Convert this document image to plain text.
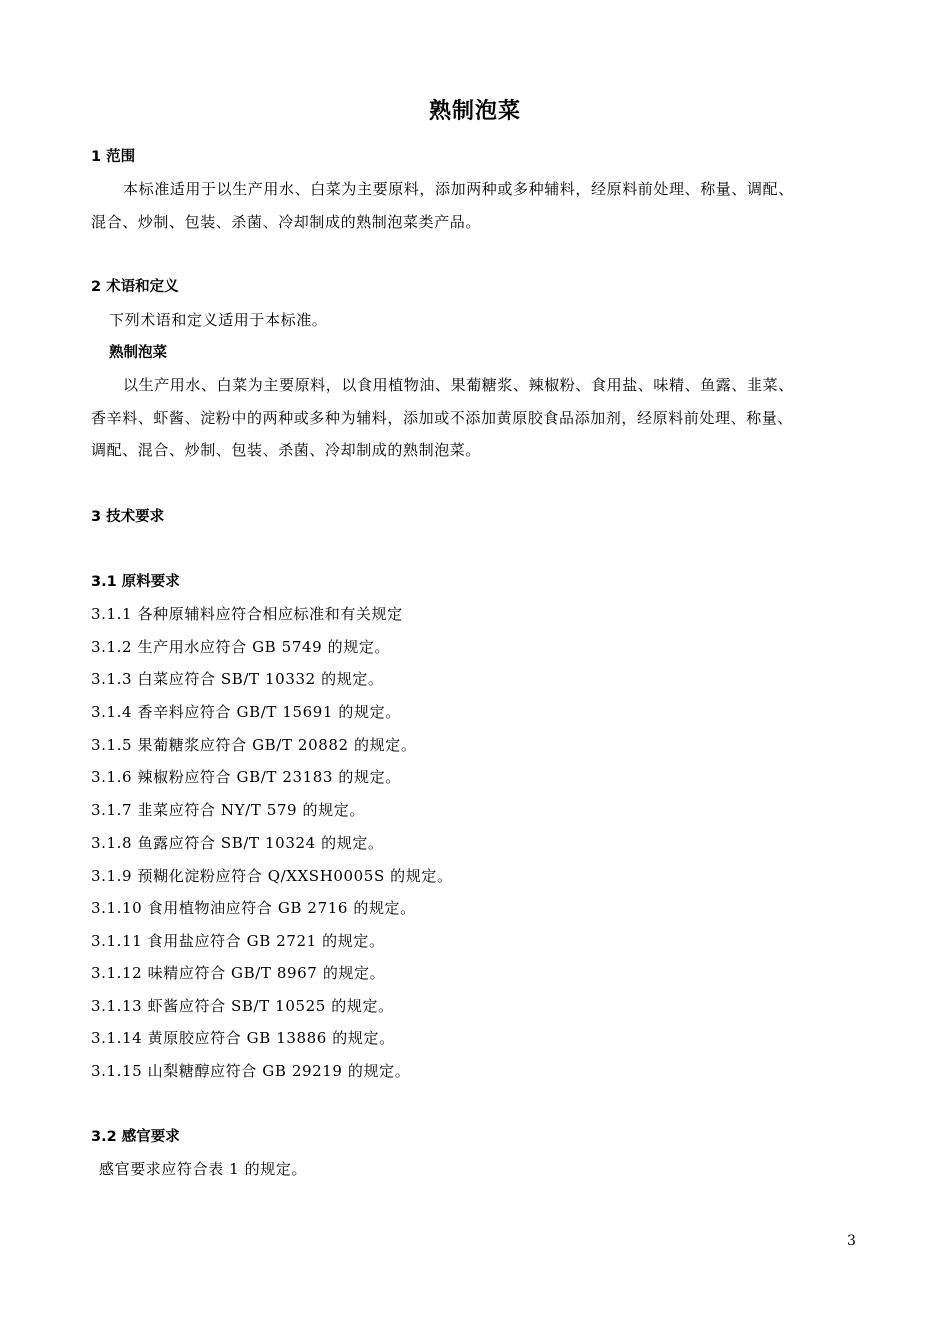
熟制泡菜
1 范围
本标准适用于以生产用水、白菜为主要原料，添加两种或多种辅料，经原料前处理、称量、调配、
混合、炒制、包装、杀菌、冷却制成的熟制泡菜类产品。
2 术语和定义
下列术语和定义适用于本标准。
熟制泡菜
以生产用水、白菜为主要原料，以食用植物油、果葡糖浆、辣椒粉、食用盐、味精、鱼露、韭菜、
香辛料、虾酱、淀粉中的两种或多种为辅料，添加或不添加黄原胶食品添加剂，经原料前处理、称量、
调配、混合、炒制、包装、杀菌、冷却制成的熟制泡菜。
3 技术要求
3.1 原料要求
3.1.1 各种原辅料应符合相应标准和有关规定
3.1.2 生产用水应符合 GB 5749 的规定。
3.1.3 白菜应符合 SB/T 10332 的规定。
3.1.4 香辛料应符合 GB/T 15691 的规定。
3.1.5 果葡糖浆应符合 GB/T 20882 的规定。
3.1.6 辣椒粉应符合 GB/T 23183 的规定。
3.1.7 韭菜应符合 NY/T 579 的规定。
3.1.8 鱼露应符合 SB/T 10324 的规定。
3.1.9 预糊化淀粉应符合 Q/XXSH0005S 的规定。
3.1.10 食用植物油应符合 GB 2716 的规定。
3.1.11 食用盐应符合 GB 2721 的规定。
3.1.12 味精应符合 GB/T 8967 的规定。
3.1.13 虾酱应符合 SB/T 10525 的规定。
3.1.14 黄原胶应符合 GB 13886 的规定。
3.1.15 山梨糖醇应符合 GB 29219 的规定。
3.2 感官要求
感官要求应符合表 1 的规定。
3
